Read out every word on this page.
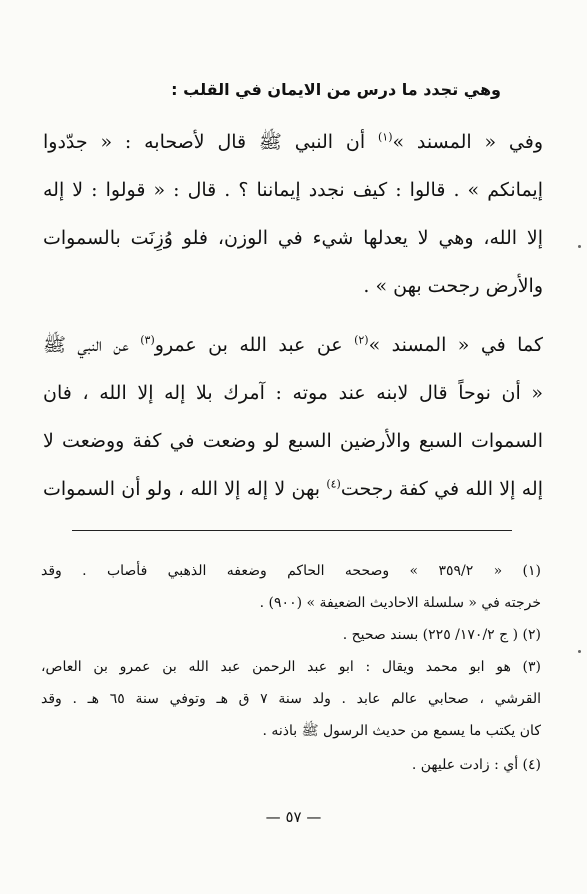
وهي تجدد ما درس من الايمان في القلب :
وفي « المسند »$^{(١)}$ أن النبي ﷺ قال لأصحابه : « جدّدوا
إيمانكم » . قالوا : كيف نجدد إيماننا ؟ . قال : « قولوا : لا إله
إلا الله، وهي لا يعدلها شيء في الوزن، فلو وُزِنَت بالسموات
والأرض رجحت بهن » .
كما في « المسند »$^{(٢)}$ عن عبد الله بن عمرو$^{(٣)}$ عن النبي ﷺ
« أن نوحاً قال لابنه عند موته : آمرك بلا إله إلا الله ، فان
السموات السبع والأرضين السبع لو وضعت في كفة ووضعت لا
إله إلا الله في كفة رجحت$^{(٤)}$ بهن لا إله إلا الله ، ولو أن السموات
(١) « ٣٥٩/٢ » وصححه الحاكم وضعفه الذهبي فأصاب . وقد
خرجته في « سلسلة الاحاديث الضعيفة » (٩٠٠) .
(٢) ( ج ١٧٠/٢/ ٢٢٥) بسند صحيح .
(٣) هو ابو محمد ويقال : ابو عبد الرحمن عبد الله بن عمرو بن العاص،
القرشي ، صحابي عالم عابد . ولد سنة ٧ ق هـ وتوفي سنة ٦٥ هـ . وقد
كان يكتب ما يسمع من حديث الرسول ﷺ باذنه .
(٤) أي : زادت عليهن .
— ٥٧ —
